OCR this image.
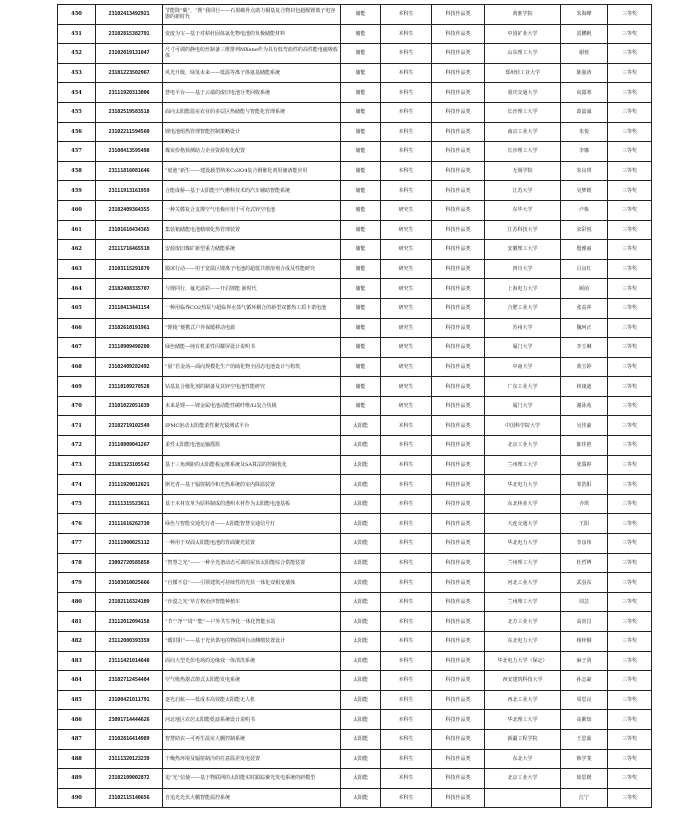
450	23102413492921	节能降“碳”，“锂”我同行——石墨碳骨点助力铜基复合物封包超级锂离子电容器的新时代	储能	本科生	科技作品类	黄淮学院	朱海峰	三等奖
451	23102815382791	变废为宝—基于对秸秆固体氯化物电池的负极储能材料	储能	本科生	科技作品类	中国矿业大学	雷鹏帆	三等奖
452	23102019131047	尺寸可调的静电纺丝制备三维排列MXene作为具有低弯曲性的高性能电磁吸收体	储能	本科生	科技作品类	山东理工大学	谢蓉	三等奖
453	23101223502967	风光升级，绿氢未来——低温等离子体氨基储能系统	储能	本科生	科技作品类	郑州轻工业大学	陈强涛	三等奖
454	23111920313006	慧电平台——基于云端的废旧电池分类回收系统	储能	本科生	科技作品类	重庆交通大学	向露寒	三等奖
455	23102519583518	面向太阳能温室农业的多层区热储能与智能化管理系统	储能	本科生	科技作品类	长沙理工大学	葛嘉诚	三等奖
456	23102211594560	锂电池组热管理智能控制策略设计	储能	本科生	科技作品类	南京工业大学	朱悦	三等奖
457	23100413595498	煤炭价格预测助力企业资源优化配置	储能	本科生	科技作品类	长沙理工大学	李娜	三等奖
458	23111816081646	“废池”新生——建设载型纳米Co3O4复合钢催化剂用储备能应用	储能	本科生	科技作品类	无锡学院	朱良琪	三等奖
459	23111913161959	合能成桥—基于太阳能空气槽科技术的汽车辅助智能系统	储能	本科生	科技作品类	江苏大学	吴梦媛	三等奖
460	23102409364355	一种关膝复合支撑空气电极应用于可充式锌空电池	储能	研究生	科技作品类	东华大学	卢栋	三等奖
461	23101618434365	集装箱储能电池精细化热管理装置	储能	研究生	科技作品类	江苏科技大学	宋彩悦	三等奖
462	23111716465510	安源废旧煤矿新型重力储能系统	储能	研究生	科技作品类	安徽理工大学	殷雅丽	三等奖
463	23103115291870	锻冰行动——用于宽温区锂离子电池的超低共熔溶剂合成及性能研究	储能	研究生	科技作品类	四川大学	吕良红	三等奖
464	23102408335707	与锂同行，氟光溢彩——开启锂能 新时代	储能	研究生	科技作品类	上海电力大学	顾茵	三等奖
465	23110413441154	一种用临界CO2热泵与超临界水蒸气循环耦合的新型双蓄热工质卡诺电池	储能	研究生	科技作品类	合肥工业大学	张益萍	三等奖
466	23102610191961	“锂棱”便携式户外保暖移动电源	储能	研究生	科技作品类	苏州大学	魏珂正	三等奖
467	23110909498200	绿色储能—纯有机柔性闪耀屏设计说明书	储能	研究生	科技作品类	厦门大学	李玉琳	三等奖
468	23102409282492	“固”若金汤—面向规模化生产的硫化物全固态电池设计与构筑	储能	研究生	科技作品类	中南大学	黄玉婷	三等奖
469	23110109270528	钴基复合催化剂的制备及其锌空电池性能研究	储能	研究生	科技作品类	广东工业大学	林康迪	三等奖
470	23101022051639	未来是锂——锂金属电池动能性碳纤维/Li复合负极	储能	研究生	科技作品类	厦门大学	谢泳苑	三等奖
471	23102719102549	IPMC驱动太阳能柔性聚光镜测试平台	太阳能	本科生	科技作品类	中国科学院大学	吴佳豪	三等奖
472	23110809041267	柔性太阳能电池运输摇篮	太阳能	本科生	科技作品类	北京工业大学	陈佳艳	三等奖
473	23101323105542	基于三角测距的太阳能板运维系统及SA算法的控制优化	太阳能	本科生	科技作品类	兰州理工大学	张瑞婷	三等奖
474	23111920012621	斯光者—基于辐射制冷和光热系统的室内降温装置	太阳能	本科生	科技作品类	华北电力大学	邹浩阳	三等奖
475	23111315523611	基于木材皮革为原料制成的透明木材作为太阳能电池基板	太阳能	本科生	科技作品类	东北林业大学	齐琪	三等奖
476	23111616262730	绿色与智能交通先行者——太阳能智慧交通信号灯	太阳能	本科生	科技作品类	大连交通大学	王阳	三等奖
477	23111900025112	一种用于双面太阳能电池的背面聚光装置	太阳能	本科生	科技作品类	华北电力大学	李彦伟	三等奖
478	23092720585858	“智慧之光”——一种全光谱动态可调的屋顶太阳能综合供能装置	太阳能	本科生	科技作品类	兰州理工大学	杜哲博	三等奖
479	23103010025666	“自循不息”——引领建筑可持续性的光伏一体化双相变墙体	太阳能	本科生	科技作品类	河北工业大学	武羽东	三等奖
480	23102116324109	“沙漠之光”草方格治沙智能种植车	太阳能	本科生	科技作品类	兰州理工大学	周芸	三等奖
481	23112012094158	“节”“净”“周”“能”—户外共生净化一体化智能水站	太阳能	本科生	科技作品类	北方工业大学	高寅昌	三等奖
482	23112000393359	“暖洪阳”——基于光伏供电的物联网自动侧喂装置设计	太阳能	本科生	科技作品类	东北电力大学	杨梓桐	三等奖
483	23111421014648	面向大型光伏电场的边缘戏一体清洗系统	太阳能	本科生	科技作品类	华北电力大学（保定）	麻子剑	三等奖
484	23102712454404	空气吸热器式熔式太阳能发电系统	太阳能	本科生	科技作品类	西安建筑科技大学	孙志豪	三等奖
485	23100421011791	逐光启航——低成本高效能太阳能无人机	太阳能	本科生	科技作品类	西北工业大学	周思良	三等奖
486	23091714444626	河北地区农居太阳能乾滤系统设计说明书	太阳能	本科生	科技作品类	华北理工大学	高紫知	三等奖
487	23102816414989	智慧助农—可再生温室大棚控制系统	太阳能	本科生	科技作品类	新疆工程学院	王思茹	三等奖
488	23111320123239	干燥热环境及辐射制冷的任意温差发电装置	太阳能	本科生	科技作品类	东北大学	韩学斐	三等奖
489	23102109002872	追“光”信使——基于物联网的太阳能实时跟踪聚光发电系统的研模型	太阳能	本科生	科技作品类	北京工业大学	徐思媛	三等奖
490	23102115140656	自追光光伏大棚智能温控系统	太阳能	本科生	科技作品类		江宁	三等奖
